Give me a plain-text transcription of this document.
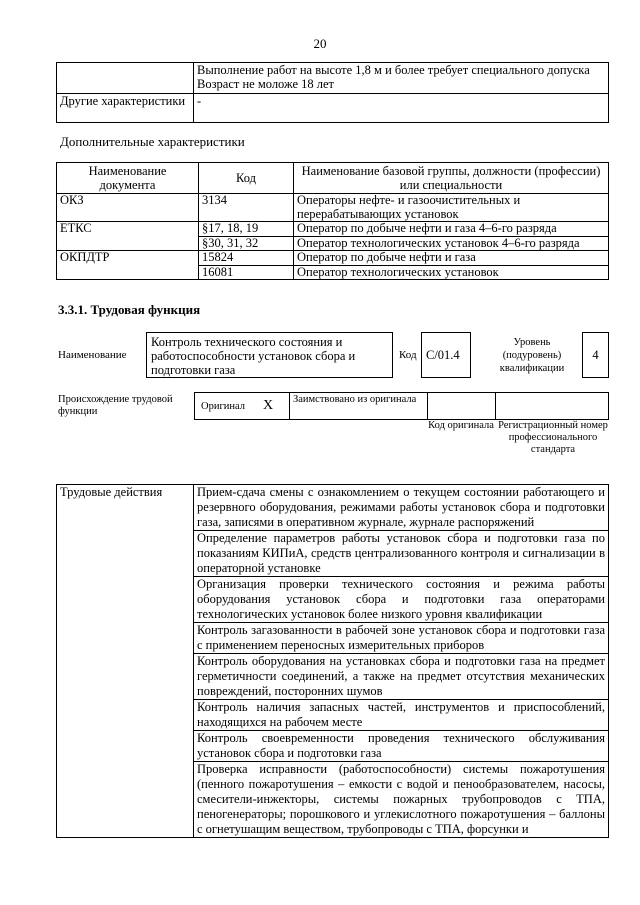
20
	Выполнение работ на высоте 1,8 м и более требует специального допуска Возраст не моложе 18 лет
Другие характеристики	-
Дополнительные характеристики
Наименование документа	Код	Наименование базовой группы, должности (профессии) или специальности
ОКЗ	3134	Операторы нефте- и газоочистительных и перерабатывающих установок
ЕТКС	§17, 18, 19	Оператор по добыче нефти и газа 4–6-го разряда
	§30, 31, 32	Оператор технологических установок 4–6-го разряда
ОКПДТР	15824	Оператор по добыче нефти и газа
	16081	Оператор технологических установок
3.3.1. Трудовая функция
Наименование
Контроль технического состояния и работоспособности установок сбора и подготовки газа
Код С/01.4
Уровень (подуровень) квалификации
4
Происхождение трудовой функции	Оригинал X Заимствовано из оригинала
Код оригинала Регистрационный номер профессионального стандарта
Трудовые действия	Прием-сдача смены с ознакомлением о текущем состоянии работающего и резервного оборудования, режимами работы установок сбора и подготовки газа, записями в оперативном журнале, журнале распоряжений
Определение параметров работы установок сбора и подготовки газа по показаниям КИПиА, средств централизованного контроля и сигнализации в операторной установке
Организация проверки технического состояния и режима работы оборудования установок сбора и подготовки газа операторами технологических установок более низкого уровня квалификации
Контроль загазованности в рабочей зоне установок сбора и подготовки газа с применением переносных измерительных приборов
Контроль оборудования на установках сбора и подготовки газа на предмет герметичности соединений, а также на предмет отсутствия механических повреждений, посторонних шумов
Контроль наличия запасных частей, инструментов и приспособлений, находящихся на рабочем месте
Контроль своевременности проведения технического обслуживания установок сбора и подготовки газа
Проверка исправности (работоспособности) системы пожаротушения (пенного пожаротушения – емкости с водой и пенообразователем, насосы, смесители-инжекторы, системы пожарных трубопроводов с ТПА, пеногенераторы; порошкового и углекислотного пожаротушения – баллоны с огнетушащим веществом, трубопроводы с ТПА, форсунки и
